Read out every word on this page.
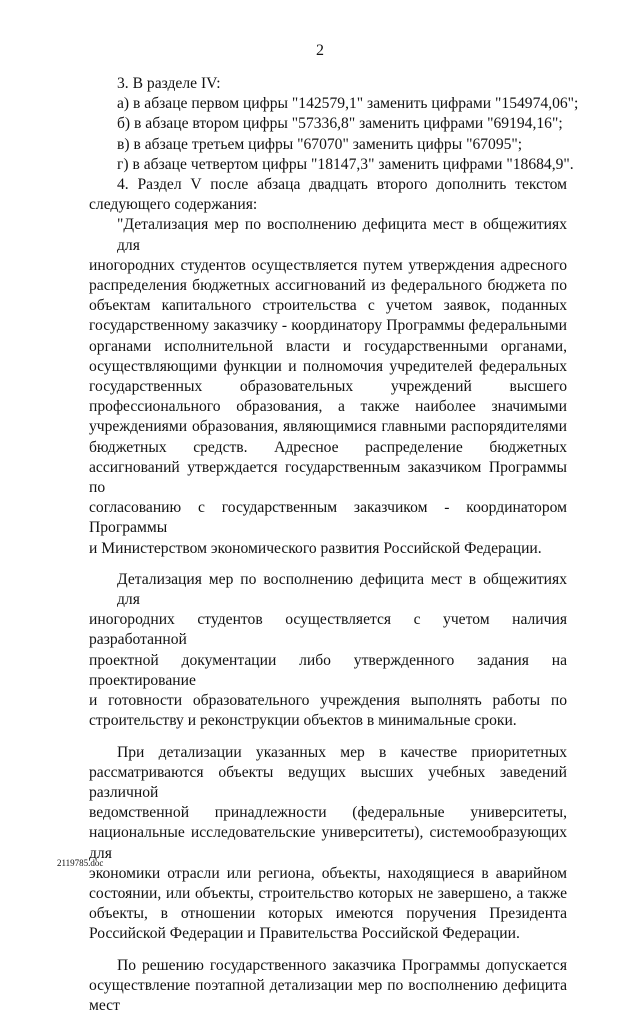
2
3. В разделе IV:
а) в абзаце первом цифры "142579,1" заменить цифрами "154974,06";
б) в абзаце втором цифры "57336,8" заменить цифрами "69194,16";
в) в абзаце третьем цифры "67070" заменить цифры "67095";
г) в абзаце четвертом цифры "18147,3" заменить цифрами "18684,9".
4. Раздел V после абзаца двадцать второго дополнить текстом
следующего содержания:
"Детализация мер по восполнению дефицита мест в общежитиях для
иногородних студентов осуществляется путем утверждения адресного
распределения бюджетных ассигнований из федерального бюджета по
объектам капитального строительства с учетом заявок, поданных
государственному заказчику - координатору Программы федеральными
органами исполнительной власти и государственными органами,
осуществляющими функции и полномочия учредителей федеральных
государственных образовательных учреждений высшего
профессионального образования, а также наиболее значимыми
учреждениями образования, являющимися главными распорядителями
бюджетных средств. Адресное распределение бюджетных
ассигнований утверждается государственным заказчиком Программы по
согласованию с государственным заказчиком - координатором Программы
и Министерством экономического развития Российской Федерации.
Детализация мер по восполнению дефицита мест в общежитиях для
иногородних студентов осуществляется с учетом наличия разработанной
проектной документации либо утвержденного задания на проектирование
и готовности образовательного учреждения выполнять работы по
строительству и реконструкции объектов в минимальные сроки.
При детализации указанных мер в качестве приоритетных
рассматриваются объекты ведущих высших учебных заведений различной
ведомственной принадлежности (федеральные университеты,
национальные исследовательские университеты), системообразующих для
экономики отрасли или региона, объекты, находящиеся в аварийном
состоянии, или объекты, строительство которых не завершено, а также
объекты, в отношении которых имеются поручения Президента
Российской Федерации и Правительства Российской Федерации.
По решению государственного заказчика Программы допускается
осуществление поэтапной детализации мер по восполнению дефицита мест
2119785.doc
